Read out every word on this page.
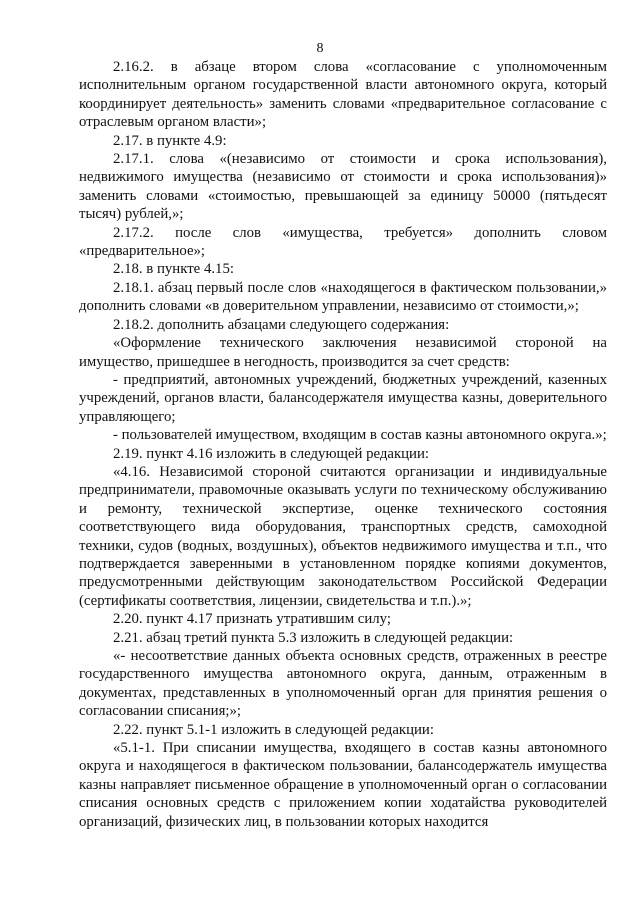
8

2.16.2. в абзаце втором слова «согласование с уполномоченным исполнительным органом государственной власти автономного округа, который координирует деятельность» заменить словами «предварительное согласование с отраслевым органом власти»;

2.17. в пункте 4.9:

2.17.1. слова «(независимо от стоимости и срока использования), недвижимого имущества (независимо от стоимости и срока использования)» заменить словами «стоимостью, превышающей за единицу 50000 (пятьдесят тысяч) рублей,»;

2.17.2. после слов «имущества, требуется» дополнить словом «предварительное»;

2.18. в пункте 4.15:

2.18.1. абзац первый после слов «находящегося в фактическом пользовании,» дополнить словами «в доверительном управлении, независимо от стоимости,»;

2.18.2. дополнить абзацами следующего содержания:

«Оформление технического заключения независимой стороной на имущество, пришедшее в негодность, производится за счет средств:

- предприятий, автономных учреждений, бюджетных учреждений, казенных учреждений, органов власти, балансодержателя имущества казны, доверительного управляющего;

- пользователей имуществом, входящим в состав казны автономного округа.»;

2.19. пункт 4.16 изложить в следующей редакции:

«4.16. Независимой стороной считаются организации и индивидуальные предприниматели, правомочные оказывать услуги по техническому обслуживанию и ремонту, технической экспертизе, оценке технического состояния соответствующего вида оборудования, транспортных средств, самоходной техники, судов (водных, воздушных), объектов недвижимого имущества и т.п., что подтверждается заверенными в установленном порядке копиями документов, предусмотренными действующим законодательством Российской Федерации (сертификаты соответствия, лицензии, свидетельства и т.п.).»;

2.20. пункт 4.17 признать утратившим силу;

2.21. абзац третий пункта 5.3 изложить в следующей редакции:

«- несоответствие данных объекта основных средств, отраженных в реестре государственного имущества автономного округа, данным, отраженным в документах, представленных в уполномоченный орган для принятия решения о согласовании списания;»;

2.22. пункт 5.1-1 изложить в следующей редакции:

«5.1-1. При списании имущества, входящего в состав казны автономного округа и находящегося в фактическом пользовании, балансодержатель имущества казны направляет письменное обращение в уполномоченный орган о согласовании списания основных средств с приложением копии ходатайства руководителей организаций, физических лиц, в пользовании которых находится
